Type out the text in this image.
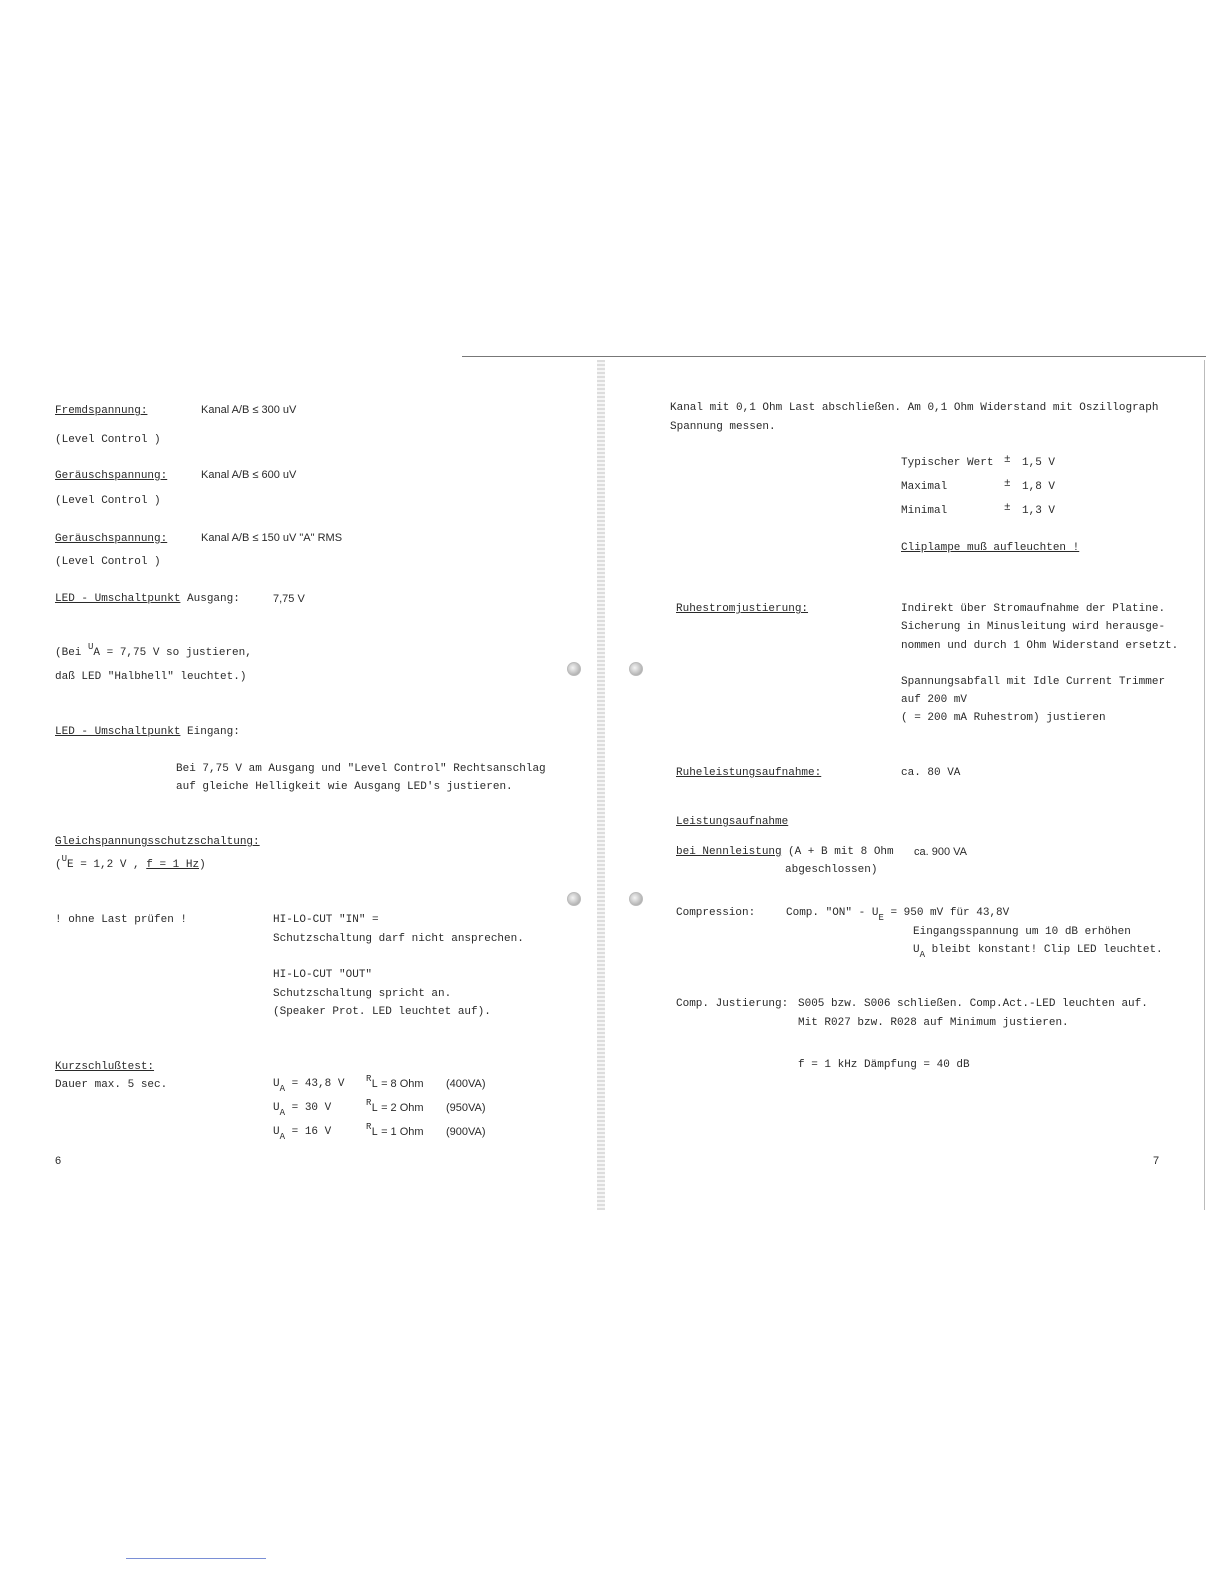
Fremdspannung:	Kanal A/B ≤ 300 uV
(Level Control )
Geräuschspannung:	Kanal A/B ≤ 600 uV
(Level Control )
Geräuschspannung:	Kanal A/B ≤ 150 uV "A" RMS
(Level Control )
LED - Umschaltpunkt Ausgang:	7,75 V
(Bei $^U$A = 7,75 V so justieren,
daß LED "Halbhell" leuchtet.)
LED - Umschaltpunkt Eingang:
Bei 7,75 V am Ausgang und "Level Control" Rechtsanschlag
auf gleiche Helligkeit wie Ausgang LED's justieren.
Gleichspannungsschutzschaltung:
($^U$E = 1,2 V , f = 1 Hz)
! ohne Last prüfen !	HI-LO-CUT "IN" =
Schutzschaltung darf nicht ansprechen.
HI-LO-CUT "OUT"
Schutzschaltung spricht an.
(Speaker Prot. LED leuchtet auf).
Kurzschlußtest:
Dauer max. 5 sec.	$U_A = 43,8$ V $^R$L = 8 Ohm (400VA)
$U_A = 30$ V	$^R$L = 2 Ohm (950VA)
$U_A = 16$ V	$^R$L = 1 Ohm (900VA)
6
Kanal mit 0,1 Ohm Last abschließen. Am 0,1 Ohm Widerstand mit Oszillograph
Spannung messen.
Typischer Wert ± 1,5 V
Maximal	± 1,8 V
Minimal	± 1,3 V
Cliplampe muß aufleuchten !
Ruhestromjustierung:	Indirekt über Stromaufnahme der Platine.
Sicherung in Minusleitung wird herausge-
nommen und durch 1 Ohm Widerstand ersetzt.
Spannungsabfall mit Idle Current Trimmer
auf 200 mV
( = 200 mA Ruhestrom) justieren
Ruheleistungsaufnahme:	ca. 80 VA
Leistungsaufnahme
bei Nennleistung (A + B mit 8 Ohm
abgeschlossen)
ca. 900 VA
Compression:	Comp. "ON" - $U_E = 950$ mV für 43,8V
Eingangsspannung um 10 dB erhöhen
$U_A$ bleibt konstant! Clip LED leuchtet.
Comp. Justierung: S005 bzw. S006 schließen. Comp.Act.-LED leuchten auf.
Mit R027 bzw. R028 auf Minimum justieren.
f = 1 kHz Dämpfung = 40 dB
7
